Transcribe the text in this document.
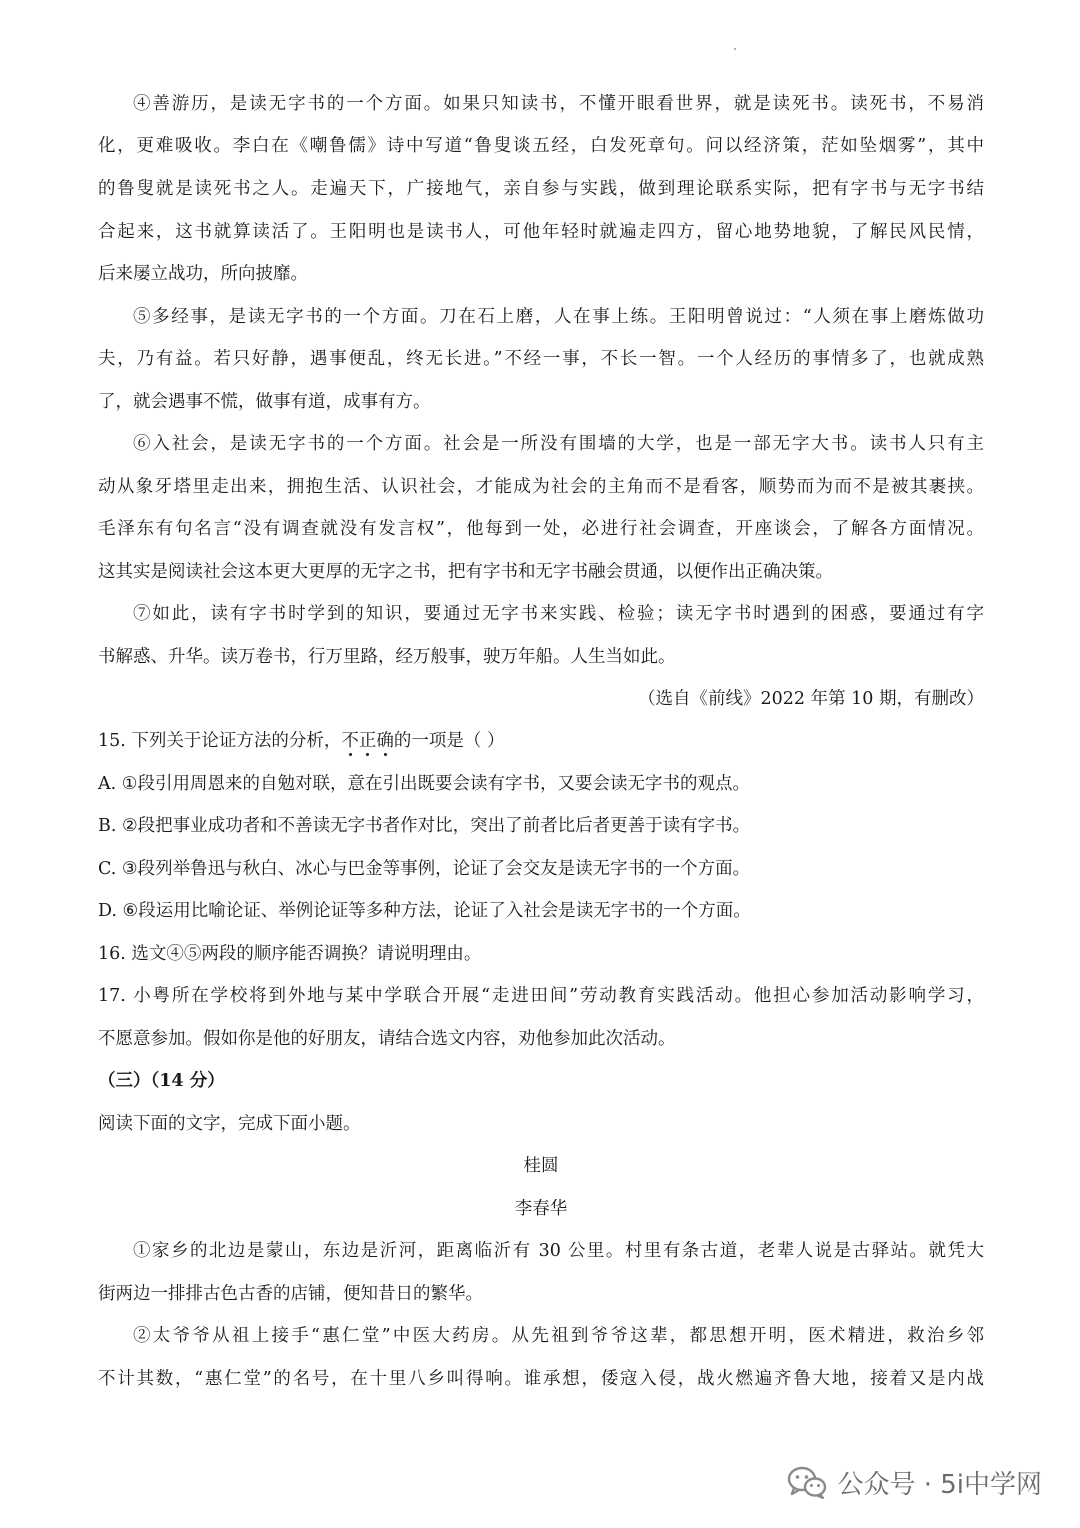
④善游历，是读无字书的一个方面。如果只知读书，不懂开眼看世界，就是读死书。读死书，不易消
化，更难吸收。李白在《嘲鲁儒》诗中写道“鲁叟谈五经，白发死章句。问以经济策，茫如坠烟雾”，其中
的鲁叟就是读死书之人。走遍天下，广接地气，亲自参与实践，做到理论联系实际，把有字书与无字书结
合起来，这书就算读活了。王阳明也是读书人，可他年轻时就遍走四方，留心地势地貌，了解民风民情，
后来屡立战功，所向披靡。
⑤多经事，是读无字书的一个方面。刀在石上磨，人在事上练。王阳明曾说过：“人须在事上磨炼做功
夫，乃有益。若只好静，遇事便乱，终无长进。”不经一事，不长一智。一个人经历的事情多了，也就成熟
了，就会遇事不慌，做事有道，成事有方。
⑥入社会，是读无字书的一个方面。社会是一所没有围墙的大学，也是一部无字大书。读书人只有主
动从象牙塔里走出来，拥抱生活、认识社会，才能成为社会的主角而不是看客，顺势而为而不是被其裹挟。
毛泽东有句名言“没有调查就没有发言权”，他每到一处，必进行社会调查，开座谈会，了解各方面情况。
这其实是阅读社会这本更大更厚的无字之书，把有字书和无字书融会贯通，以便作出正确决策。
⑦如此，读有字书时学到的知识，要通过无字书来实践、检验；读无字书时遇到的困惑，要通过有字
书解惑、升华。读万卷书，行万里路，经万般事，驶万年船。人生当如此。
（选自《前线》2022 年第 10 期，有删改）
15. 下列关于论证方法的分析，不正确的一项是（ ）
A. ①段引用周恩来的自勉对联，意在引出既要会读有字书，又要会读无字书的观点。
B. ②段把事业成功者和不善读无字书者作对比，突出了前者比后者更善于读有字书。
C. ③段列举鲁迅与秋白、冰心与巴金等事例，论证了会交友是读无字书的一个方面。
D. ⑥段运用比喻论证、举例论证等多种方法，论证了入社会是读无字书的一个方面。
16. 选文④⑤两段的顺序能否调换？请说明理由。
17. 小粤所在学校将到外地与某中学联合开展“走进田间”劳动教育实践活动。他担心参加活动影响学习，
不愿意参加。假如你是他的好朋友，请结合选文内容，劝他参加此次活动。
（三）（14 分）
阅读下面的文字，完成下面小题。
桂圆
李春华
①家乡的北边是蒙山，东边是沂河，距离临沂有 30 公里。村里有条古道，老辈人说是古驿站。就凭大
街两边一排排古色古香的店铺，便知昔日的繁华。
②太爷爷从祖上接手“惠仁堂”中医大药房。从先祖到爷爷这辈，都思想开明，医术精进，救治乡邻
不计其数，“惠仁堂”的名号，在十里八乡叫得响。谁承想，倭寇入侵，战火燃遍齐鲁大地，接着又是内战
公众号 · 5i中学网
